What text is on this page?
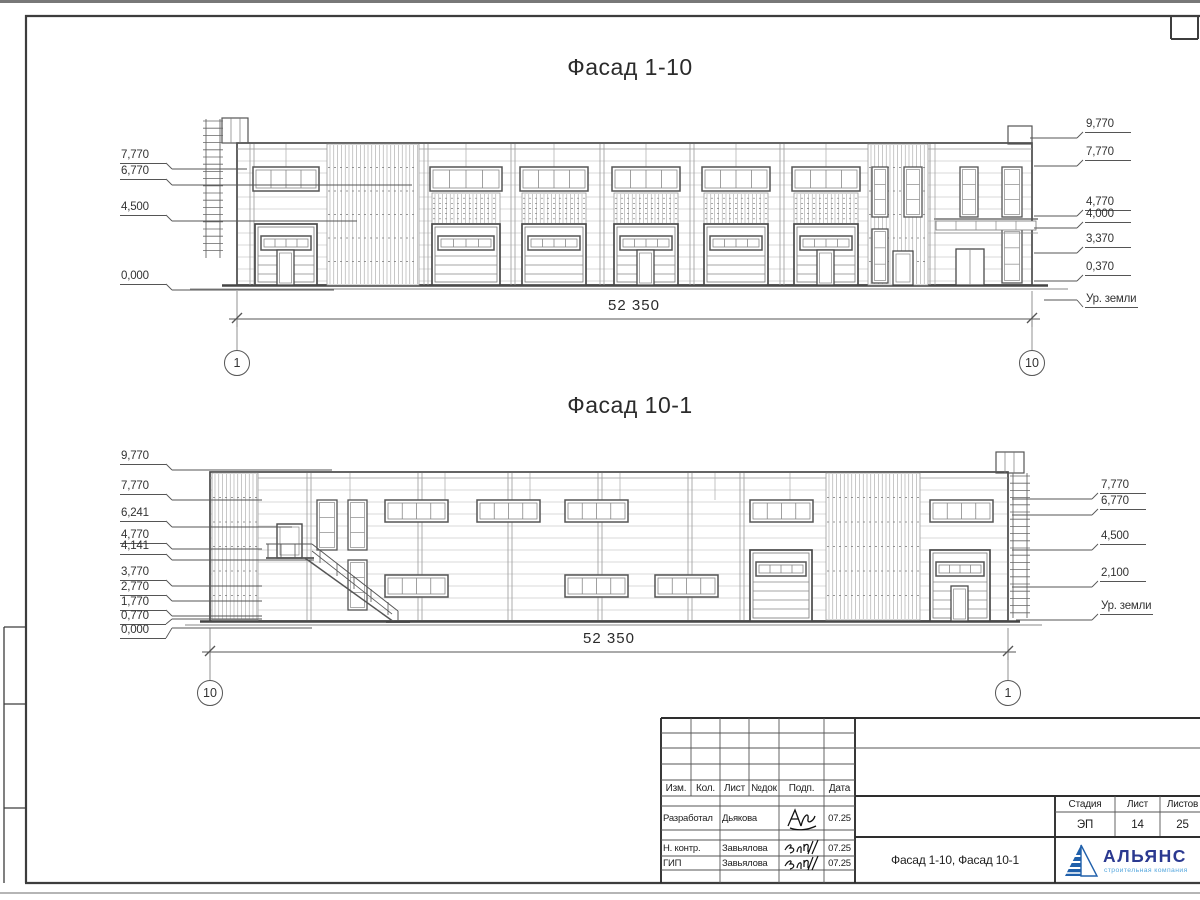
Фасад 1-10
Фасад 10-1
7,770
6,770
4,500
0,000
9,770
7,770
4,770
4,000
3,370
0,370
Ур. земли
9,770
7,770
6,241
4,770
4,141
3,770
2,770
1,770
0,770
0,000
7,770
6,770
4,500
2,100
Ур. земли
52 350
52 350
1	10
10	1
Изм. Кол. Лист №док	Подп.	Дата
Разработал Дьякова	07.25
Н. контр.	Завьялова	07.25
ГИП	Завьялова	07.25
Стадия	Лист	Листов
ЭП	14	25
Фасад 1-10, Фасад 10-1	АЛЬЯНС
строительная компания
